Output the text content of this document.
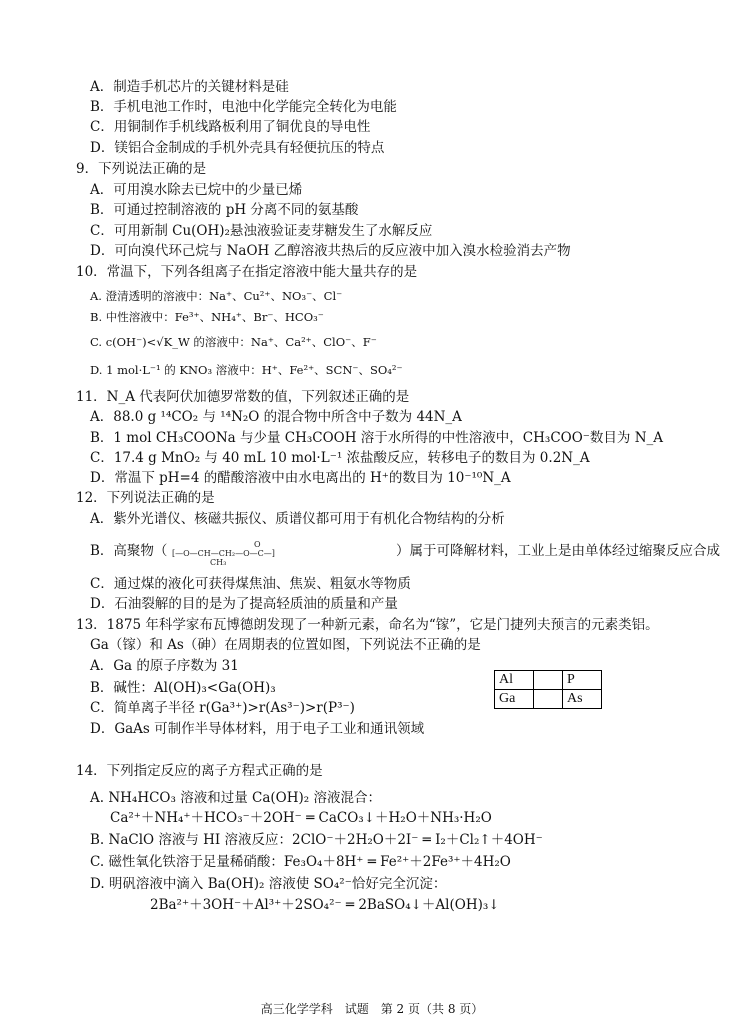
A．制造手机芯片的关键材料是硅
B．手机电池工作时，电池中化学能完全转化为电能
C．用铜制作手机线路板利用了铜优良的导电性
D．镁铝合金制成的手机外壳具有轻便抗压的特点
9．下列说法正确的是
A．可用溴水除去已烷中的少量已烯
B．可通过控制溶液的 pH 分离不同的氨基酸
C．可用新制 Cu(OH)₂悬浊液验证麦芽糖发生了水解反应
D．可向溴代环己烷与 NaOH 乙醇溶液共热后的反应液中加入溴水检验消去产物
10．常温下，下列各组离子在指定溶液中能大量共存的是
A. 澄清透明的溶液中：Na⁺、Cu²⁺、NO₃⁻、Cl⁻
B. 中性溶液中：Fe³⁺、NH₄⁺、Br⁻、HCO₃⁻
C. c(OH⁻)<√K_W 的溶液中：Na⁺、Ca²⁺、ClO⁻、F⁻
D. 1 mol·L⁻¹ 的 KNO₃ 溶液中：H⁺、Fe²⁺、SCN⁻、SO₄²⁻
11．N_A 代表阿伏加德罗常数的值，下列叙述正确的是
A．88.0 g ¹⁴CO₂ 与 ¹⁴N₂O 的混合物中所含中子数为 44N_A
B．1 mol CH₃COONa 与少量 CH₃COOH 溶于水所得的中性溶液中，CH₃COO⁻数目为 N_A
C．17.4 g MnO₂ 与 40 mL 10 mol·L⁻¹ 浓盐酸反应，转移电子的数目为 0.2N_A
D．常温下 pH=4 的醋酸溶液中由水电离出的 H⁺的数目为 10⁻¹⁰N_A
12．下列说法正确的是
A．紫外光谱仪、核磁共振仪、质谱仪都可用于有机化合物结构的分析
B．高聚物（	O
[—O—CH—CH₂—O—C—]
CH₃
）属于可降解材料，工业上是由单体经过缩聚反应合成
C．通过煤的液化可获得煤焦油、焦炭、粗氨水等物质
D．石油裂解的目的是为了提高轻质油的质量和产量
13．1875 年科学家布瓦博德朗发现了一种新元素，命名为“镓”，它是门捷列夫预言的元素类铝。
Ga（镓）和 As（砷）在周期表的位置如图，下列说法不正确的是
A．Ga 的原子序数为 31
B．碱性：Al(OH)₃<Ga(OH)₃
C．简单离子半径 r(Ga³⁺)>r(As³⁻)>r(P³⁻)
D．GaAs 可制作半导体材料，用于电子工业和通讯领域
Al		P
Ga		As
14．下列指定反应的离子方程式正确的是
A. NH₄HCO₃ 溶液和过量 Ca(OH)₂ 溶液混合：
Ca²⁺＋NH₄⁺＋HCO₃⁻＋2OH⁻ ═ CaCO₃↓＋H₂O＋NH₃·H₂O
B. NaClO 溶液与 HI 溶液反应：2ClO⁻＋2H₂O＋2I⁻ ═ I₂＋Cl₂↑＋4OH⁻
C. 磁性氧化铁溶于足量稀硝酸：Fe₃O₄＋8H⁺ ═ Fe²⁺＋2Fe³⁺＋4H₂O
D. 明矾溶液中滴入 Ba(OH)₂ 溶液使 SO₄²⁻恰好完全沉淀：
2Ba²⁺＋3OH⁻＋Al³⁺＋2SO₄²⁻ ═ 2BaSO₄↓＋Al(OH)₃↓
高三化学学科　试题　第 2 页（共 8 页）
